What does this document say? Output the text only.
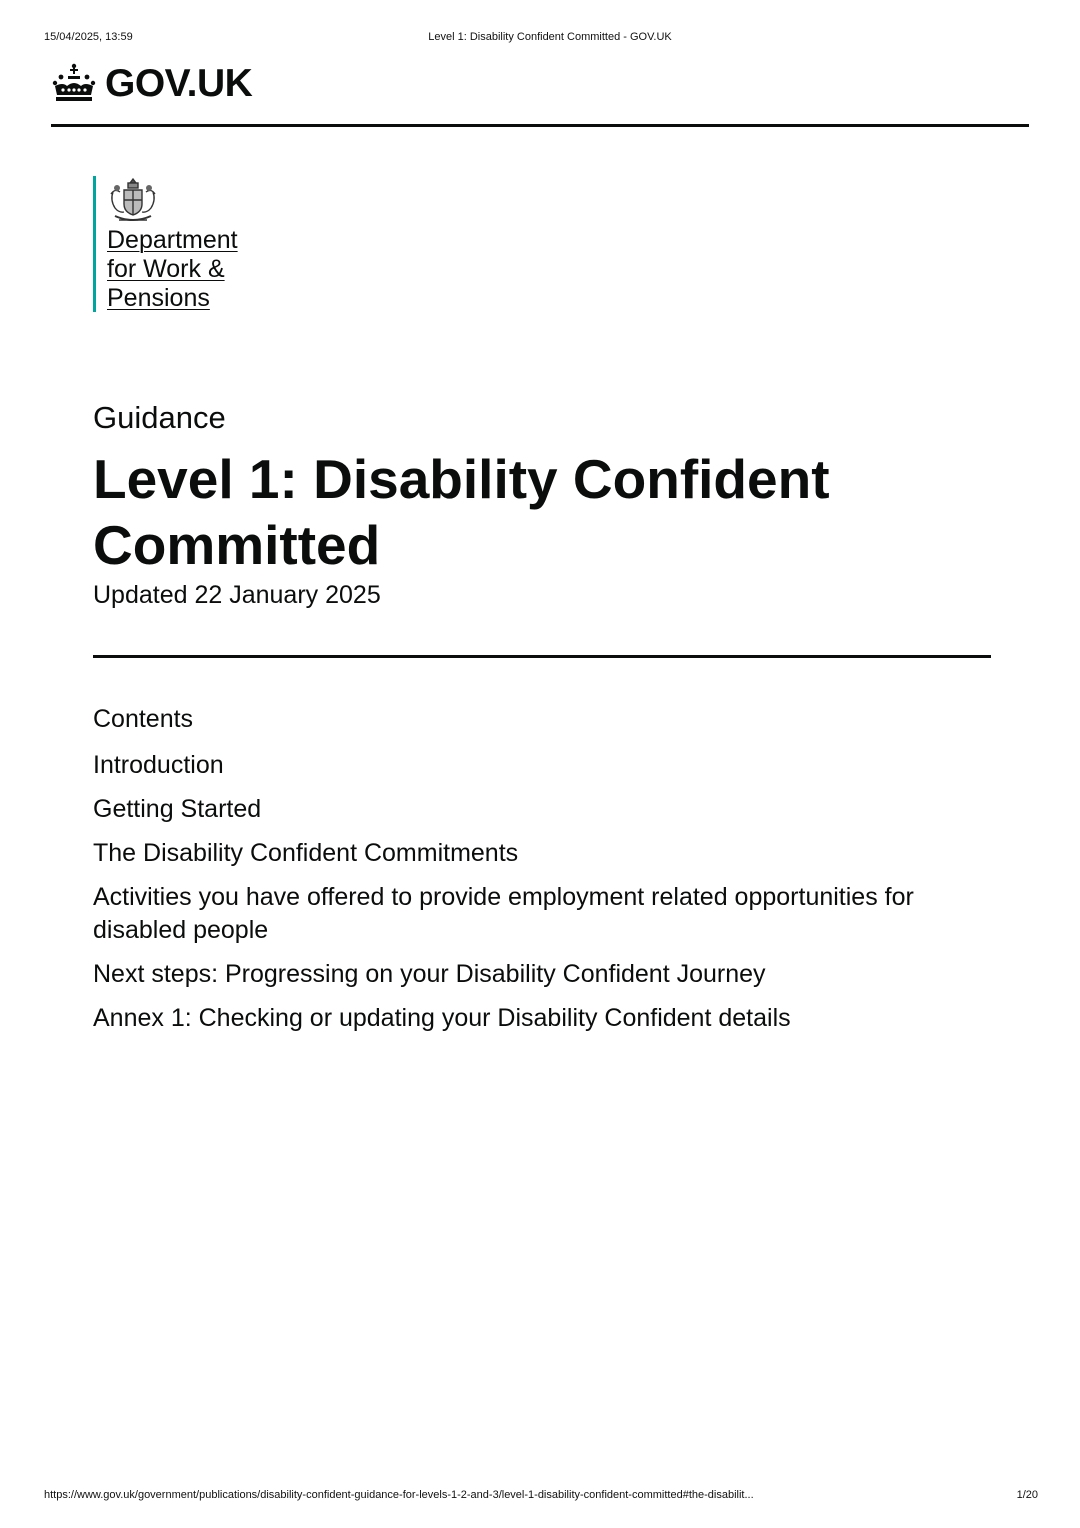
15/04/2025, 13:59	Level 1: Disability Confident Committed - GOV.UK
GOV.UK
Department
for Work &
Pensions
Guidance
Level 1: Disability Confident Committed
Updated 22 January 2025
Contents
Introduction
Getting Started
The Disability Confident Commitments
Activities you have offered to provide employment related opportunities for disabled people
Next steps: Progressing on your Disability Confident Journey
Annex 1: Checking or updating your Disability Confident details
https://www.gov.uk/government/publications/disability-confident-guidance-for-levels-1-2-and-3/level-1-disability-confident-committed#the-disabilit...	1/20
